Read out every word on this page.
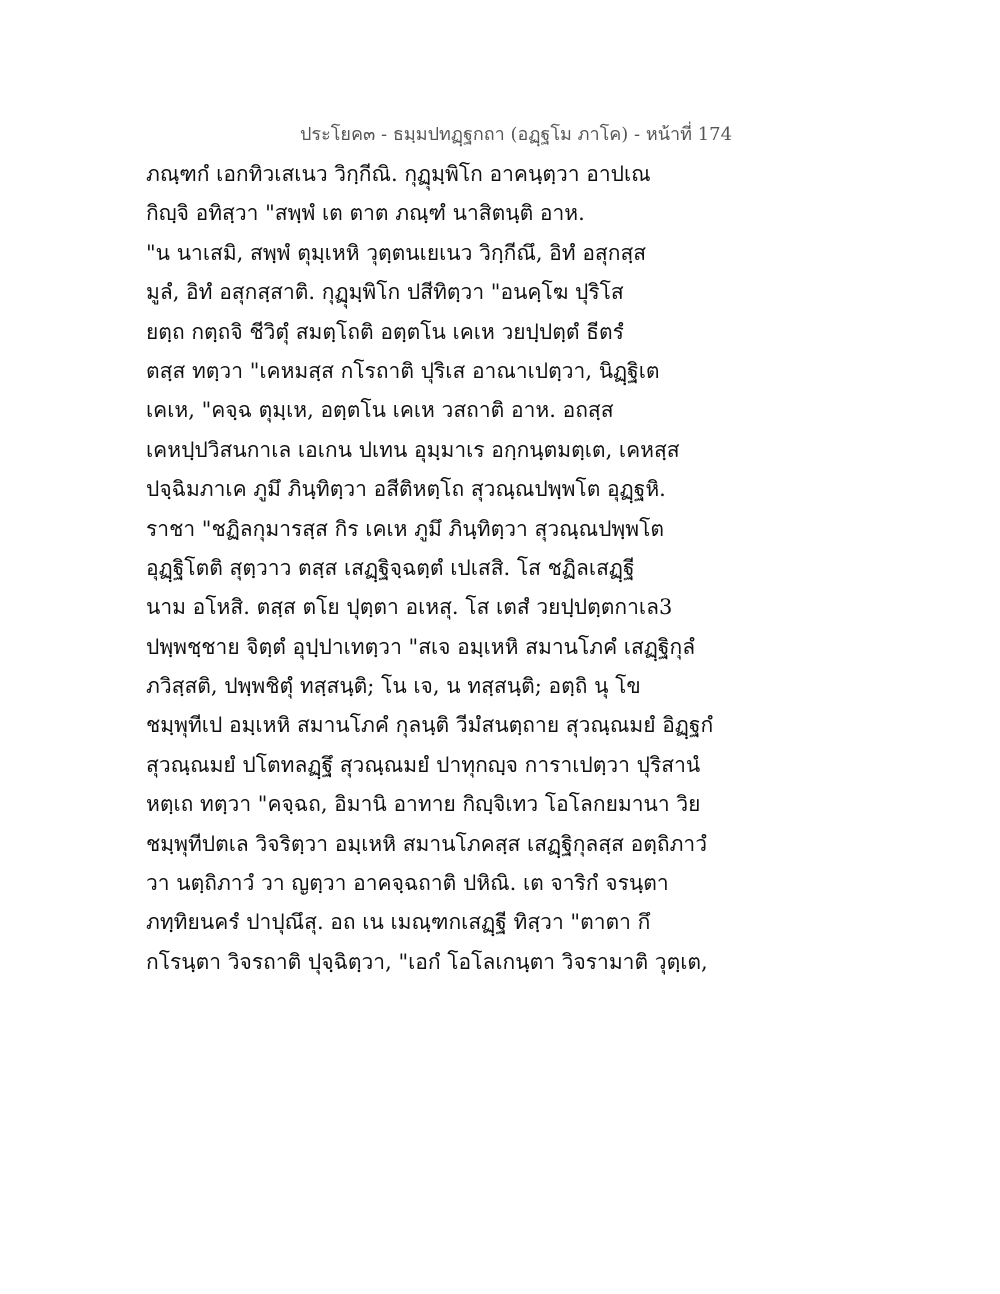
ประโยค๓ - ธมฺมปทฏฺฐกถา (อฏฺฐโม ภาโค) - หน้าที่ 174
ภณฺฑกํ เอกทิวเสเนว วิกฺกีณิ. กุฏุมฺพิโก อาคนฺตฺวา อาปเณ
กิญฺจิ อทิสฺวา "สพฺพํ เต ตาต ภณฺฑํ นาสิตนฺติ อาห.
"น นาเสมิ, สพฺพํ ตุมฺเหหิ วุตฺตนเยเนว วิกฺกีณึ, อิทํ อสุกสฺส
มูลํ, อิทํ อสุกสฺสาติ. กุฏุมฺพิโก ปสีทิตฺวา "อนคฺโฆ ปุริโส
ยตฺถ กตฺถจิ ชีวิตุํ สมตฺโถติ อตฺตโน เคเห วยปฺปตฺตํ ธีตรํ
ตสฺส ทตฺวา "เคหมสฺส กโรถาติ ปุริเส อาณาเปตฺวา, นิฏฺฐิเต
เคเห, "คจฺฉ ตุมฺเห, อตฺตโน เคเห วสถาติ อาห. อถสฺส
เคหปฺปวิสนกาเล เอเกน ปเทน อุมฺมาเร อกฺกนฺตมตฺเต, เคหสฺส
ปจฺฉิมภาเค ภูมึ ภินฺทิตฺวา อสีติหตฺโถ สุวณฺณปพฺพโต อุฏฺฐหิ.
ราชา "ชฏิลกุมารสฺส กิร เคเห ภูมึ ภินฺทิตฺวา สุวณฺณปพฺพโต
อุฏฺฐิโตติ สุตฺวาว ตสฺส เสฏฺฐิจฺฉตฺตํ เปเสสิ. โส ชฏิลเสฏฺฐี
นาม อโหสิ. ตสฺส ตโย ปุตฺตา อเหสุ. โส เตสํ วยปฺปตฺตกาเล3
ปพฺพชฺชาย จิตฺตํ อุปฺปาเทตฺวา "สเจ อมฺเหหิ สมานโภคํ เสฏฺฐิกุลํ
ภวิสฺสติ, ปพฺพชิตุํ ทสฺสนฺติ; โน เจ, น ทสฺสนฺติ; อตฺถิ นุ โข
ชมฺพุทีเป อมฺเหหิ สมานโภคํ กุลนฺติ วีมํสนตฺถาย สุวณฺณมยํ อิฏฺฐกํ
สุวณฺณมยํ ปโตทลฏฺฐึ สุวณฺณมยํ ปาทุกญฺจ การาเปตฺวา ปุริสานํ
หตฺเถ ทตฺวา "คจฺฉถ, อิมานิ อาทาย กิญฺจิเทว โอโลกยมานา วิย
ชมฺพุทีปตเล วิจริตฺวา อมฺเหหิ สมานโภคสฺส เสฏฺฐิกุลสฺส อตฺถิภาวํ
วา นตฺถิภาวํ วา ญตฺวา อาคจฺฉถาติ ปหิณิ. เต จาริกํ จรนฺตา
ภทฺทิยนครํ ปาปุณึสุ. อถ เน เมณฺฑกเสฏฺฐี ทิสฺวา "ตาตา กึ
กโรนฺตา วิจรถาติ ปุจฺฉิตฺวา, "เอกํ โอโลเกนฺตา วิจรามาติ วุตฺเต,
